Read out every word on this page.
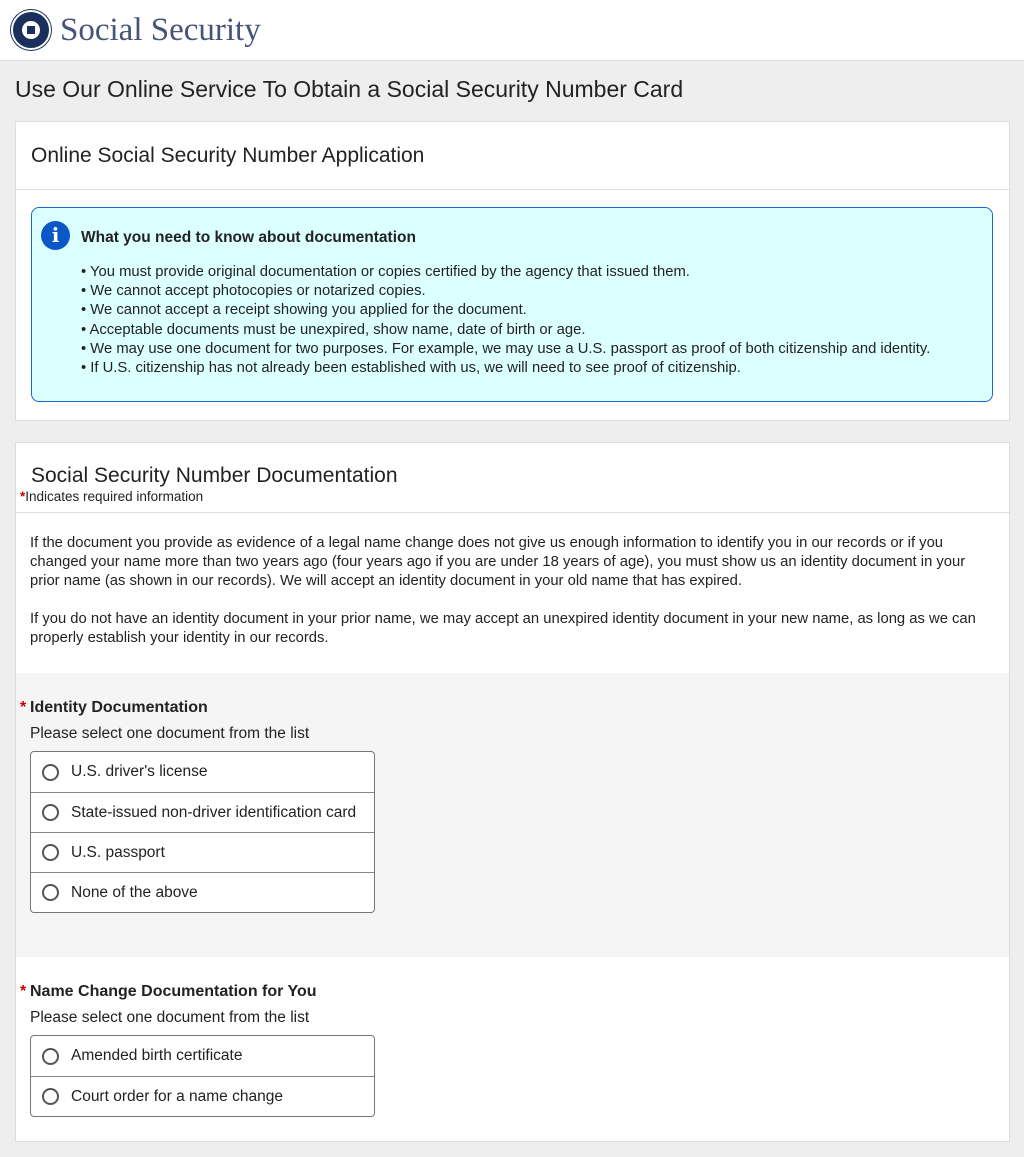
Social Security
Use Our Online Service To Obtain a Social Security Number Card
Online Social Security Number Application
i	What you need to know about documentation
• You must provide original documentation or copies certified by the agency that issued them.
• We cannot accept photocopies or notarized copies.
• We cannot accept a receipt showing you applied for the document.
• Acceptable documents must be unexpired, show name, date of birth or age.
• We may use one document for two purposes. For example, we may use a U.S. passport as proof of both citizenship and identity.
• If U.S. citizenship has not already been established with us, we will need to see proof of citizenship.
Social Security Number Documentation
*Indicates required information

If the document you provide as evidence of a legal name change does not give us enough information to identify you in our records or if you changed your name more than two years ago (four years ago if you are under 18 years of age), you must show us an identity document in your prior name (as shown in our records). We will accept an identity document in your old name that has expired.

If you do not have an identity document in your prior name, we may accept an unexpired identity document in your new name, as long as we can properly establish your identity in our records.

* Identity Documentation
Please select one document from the list
U.S. driver's license
State-issued non-driver identification card
U.S. passport
None of the above
* Name Change Documentation for You
Please select one document from the list
Amended birth certificate
Court order for a name change
